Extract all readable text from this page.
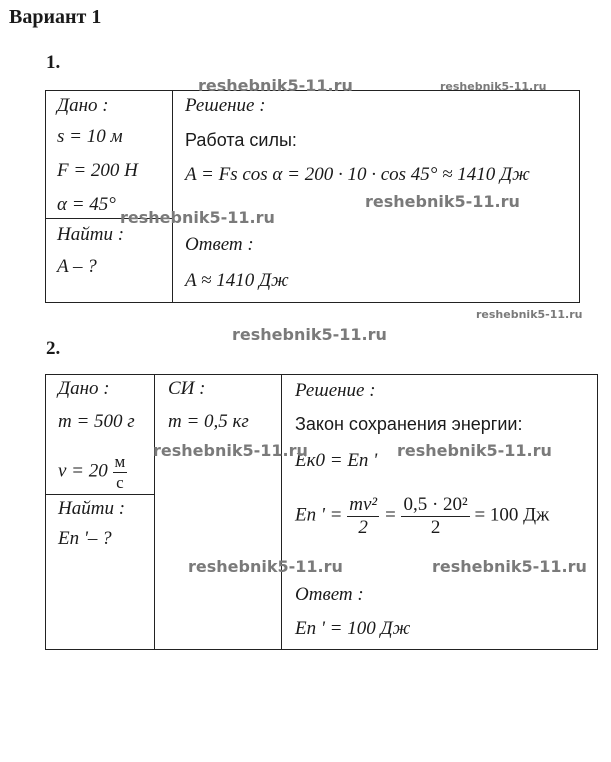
Вариант 1
1.
Дано :
s = 10 м
F = 200 Н
α = 45°
Найти :
A – ?
Решение :
Работа силы:
A = Fs cos α = 200 · 10 · cos 45° ≈ 1410 Дж
Ответ :
A ≈ 1410 Дж
2.
Дано :
m = 500 г
$v = 20 \frac{м}{с}$
Найти :
Eп '– ?
СИ :
m = 0,5 кг
Решение :
Закон сохранения энергии:
Eк0 = Eп '
Eп ' = $\frac{\text{mv²}}{2} = \frac{\text{0,5 · 20²}}{2} = 100$ Дж
Ответ :
Eп ' = 100 Дж
reshebnik5-11.ru	reshebnik5-11.ru
reshebnik5-11.ru
reshebnik5-11.ru
reshebnik5-11.ru
reshebnik5-11.ru
reshebnik5-11.ru	reshebnik5-11.ru
reshebnik5-11.ru	reshebnik5-11.ru
